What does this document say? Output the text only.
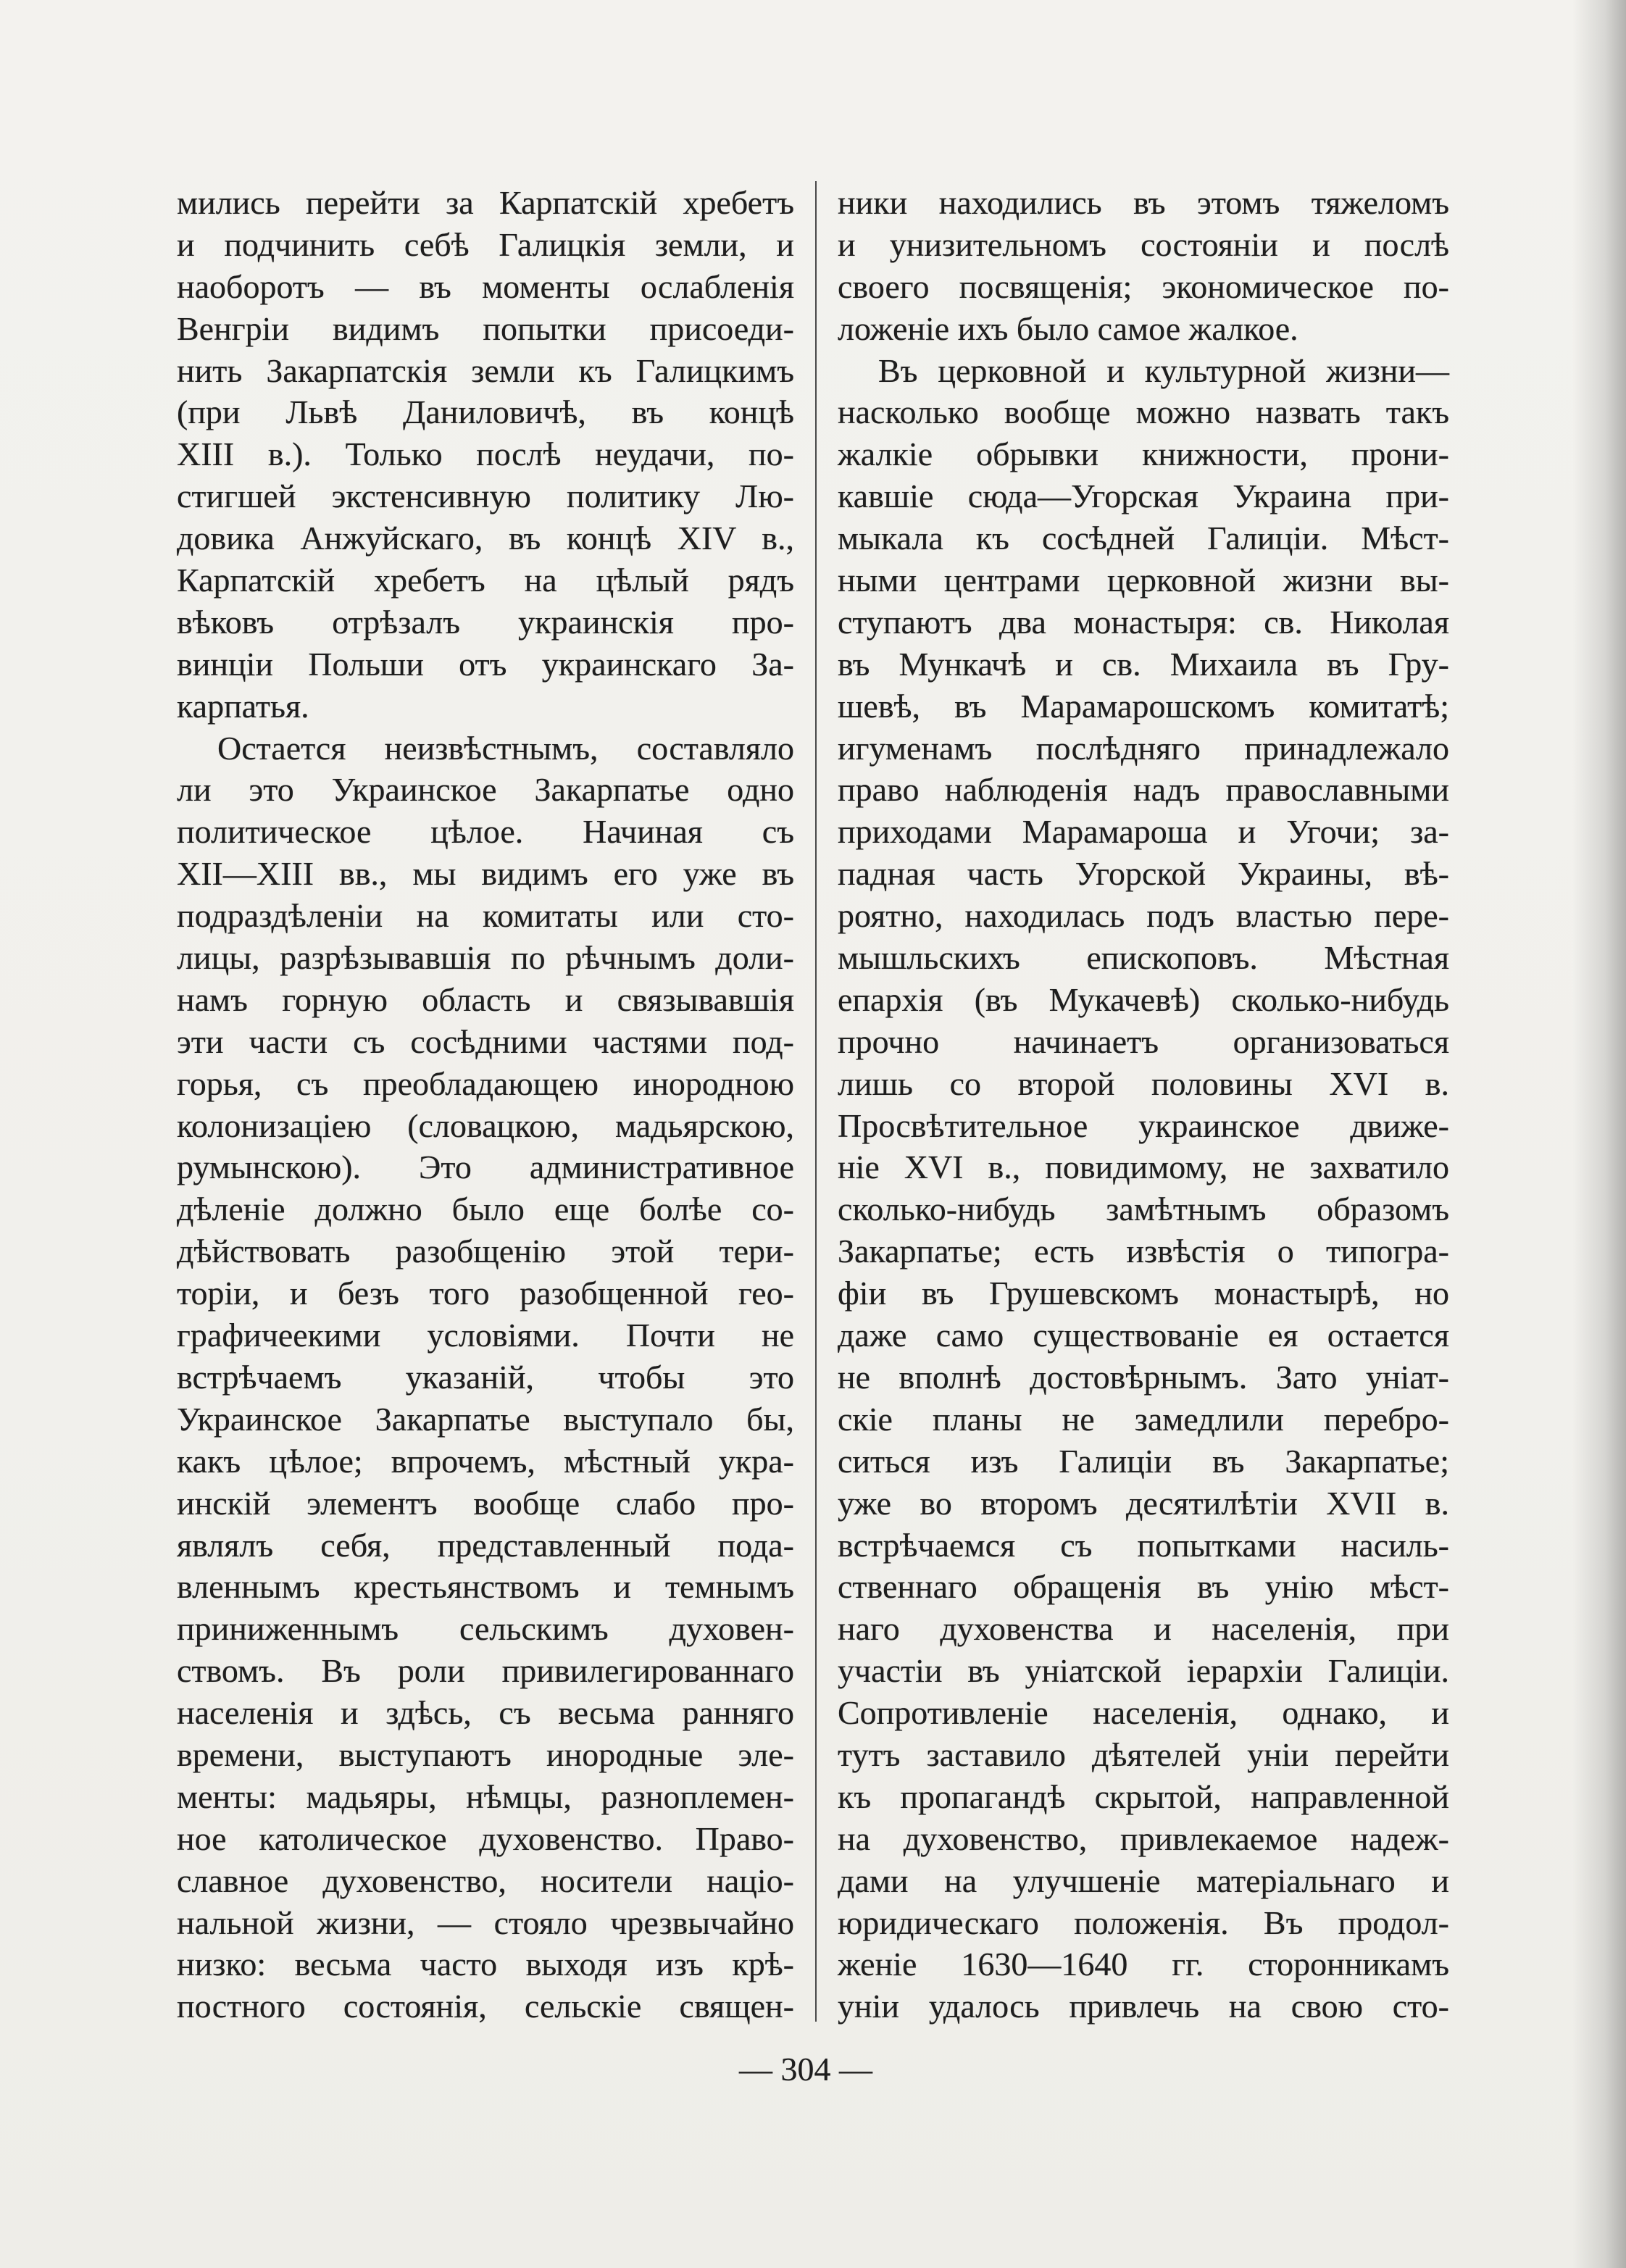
мились перейти за Карпатскій хребетъ
и подчинить себѣ Галицкія земли, и
наоборотъ — въ моменты ослабленія
Венгріи видимъ попытки присоеди-
нить Закарпатскія земли къ Галицкимъ
(при Львѣ Даниловичѣ, въ концѣ
XIII в.). Только послѣ неудачи, по-
стигшей экстенсивную политику Лю-
довика Анжуйскаго, въ концѣ XIV в.,
Карпатскій хребетъ на цѣлый рядъ
вѣковъ отрѣзалъ украинскія про-
винціи Польши отъ украинскаго За-
карпатья.
Остается неизвѣстнымъ, составляло
ли это Украинское Закарпатье одно
политическое цѣлое. Начиная съ
XII—XIII вв., мы видимъ его уже въ
подраздѣленіи на комитаты или сто-
лицы, разрѣзывавшія по рѣчнымъ доли-
намъ горную область и связывавшія
эти части съ сосѣдними частями под-
горья, съ преобладающею инородною
колонизаціею (словацкою, мадьярскою,
румынскою). Это административное
дѣленіе должно было еще болѣе со-
дѣйствовать разобщенію этой тери-
торіи, и безъ того разобщенной гео-
графичеекими условіями. Почти не
встрѣчаемъ указаній, чтобы это
Украинское Закарпатье выступало бы,
какъ цѣлое; впрочемъ, мѣстный укра-
инскій элементъ вообще слабо про-
являлъ себя, представленный пода-
вленнымъ крестьянствомъ и темнымъ
приниженнымъ сельскимъ духовен-
ствомъ. Въ роли привилегированнаго
населенія и здѣсь, съ весьма ранняго
времени, выступаютъ инородные эле-
менты: мадьяры, нѣмцы, разноплемен-
ное католическое духовенство. Право-
славное духовенство, носители націо-
нальной жизни, — стояло чрезвычайно
низко: весьма часто выходя изъ крѣ-
постного состоянія, сельскіе священ-
ники находились въ этомъ тяжеломъ
и унизительномъ состояніи и послѣ
своего посвященія; экономическое по-
ложеніе ихъ было самое жалкое.
Въ церковной и культурной жизни—
насколько вообще можно назвать такъ
жалкіе обрывки книжности, прони-
кавшіе сюда—Угорская Украина при-
мыкала къ сосѣдней Галиціи. Мѣст-
ными центрами церковной жизни вы-
ступаютъ два монастыря: св. Николая
въ Мункачѣ и св. Михаила въ Гру-
шевѣ, въ Марамарошскомъ комитатѣ;
игуменамъ послѣдняго принадлежало
право наблюденія надъ православными
приходами Марамароша и Угочи; за-
падная часть Угорской Украины, вѣ-
роятно, находилась подъ властью пере-
мышльскихъ епископовъ. Мѣстная
епархія (въ Мукачевѣ) сколько-нибудь
прочно начинаетъ организоваться
лишь со второй половины XVI в.
Просвѣтительное украинское движе-
ніе XVI в., повидимому, не захватило
сколько-нибудь замѣтнымъ образомъ
Закарпатье; есть извѣстія о типогра-
фіи въ Грушевскомъ монастырѣ, но
даже само существованіе ея остается
не вполнѣ достовѣрнымъ. Зато уніат-
скіе планы не замедлили перебро-
ситься изъ Галиціи въ Закарпатье;
уже во второмъ десятилѣтіи XVII в.
встрѣчаемся съ попытками насиль-
ственнаго обращенія въ унію мѣст-
наго духовенства и населенія, при
участіи въ уніатской іерархіи Галиціи.
Сопротивленіе населенія, однако, и
тутъ заставило дѣятелей уніи перейти
къ пропагандѣ скрытой, направленной
на духовенство, привлекаемое надеж-
дами на улучшеніе матеріальнаго и
юридическаго положенія. Въ продол-
женіе 1630—1640 гг. сторонникамъ
уніи удалось привлечь на свою сто-
— 304 —
